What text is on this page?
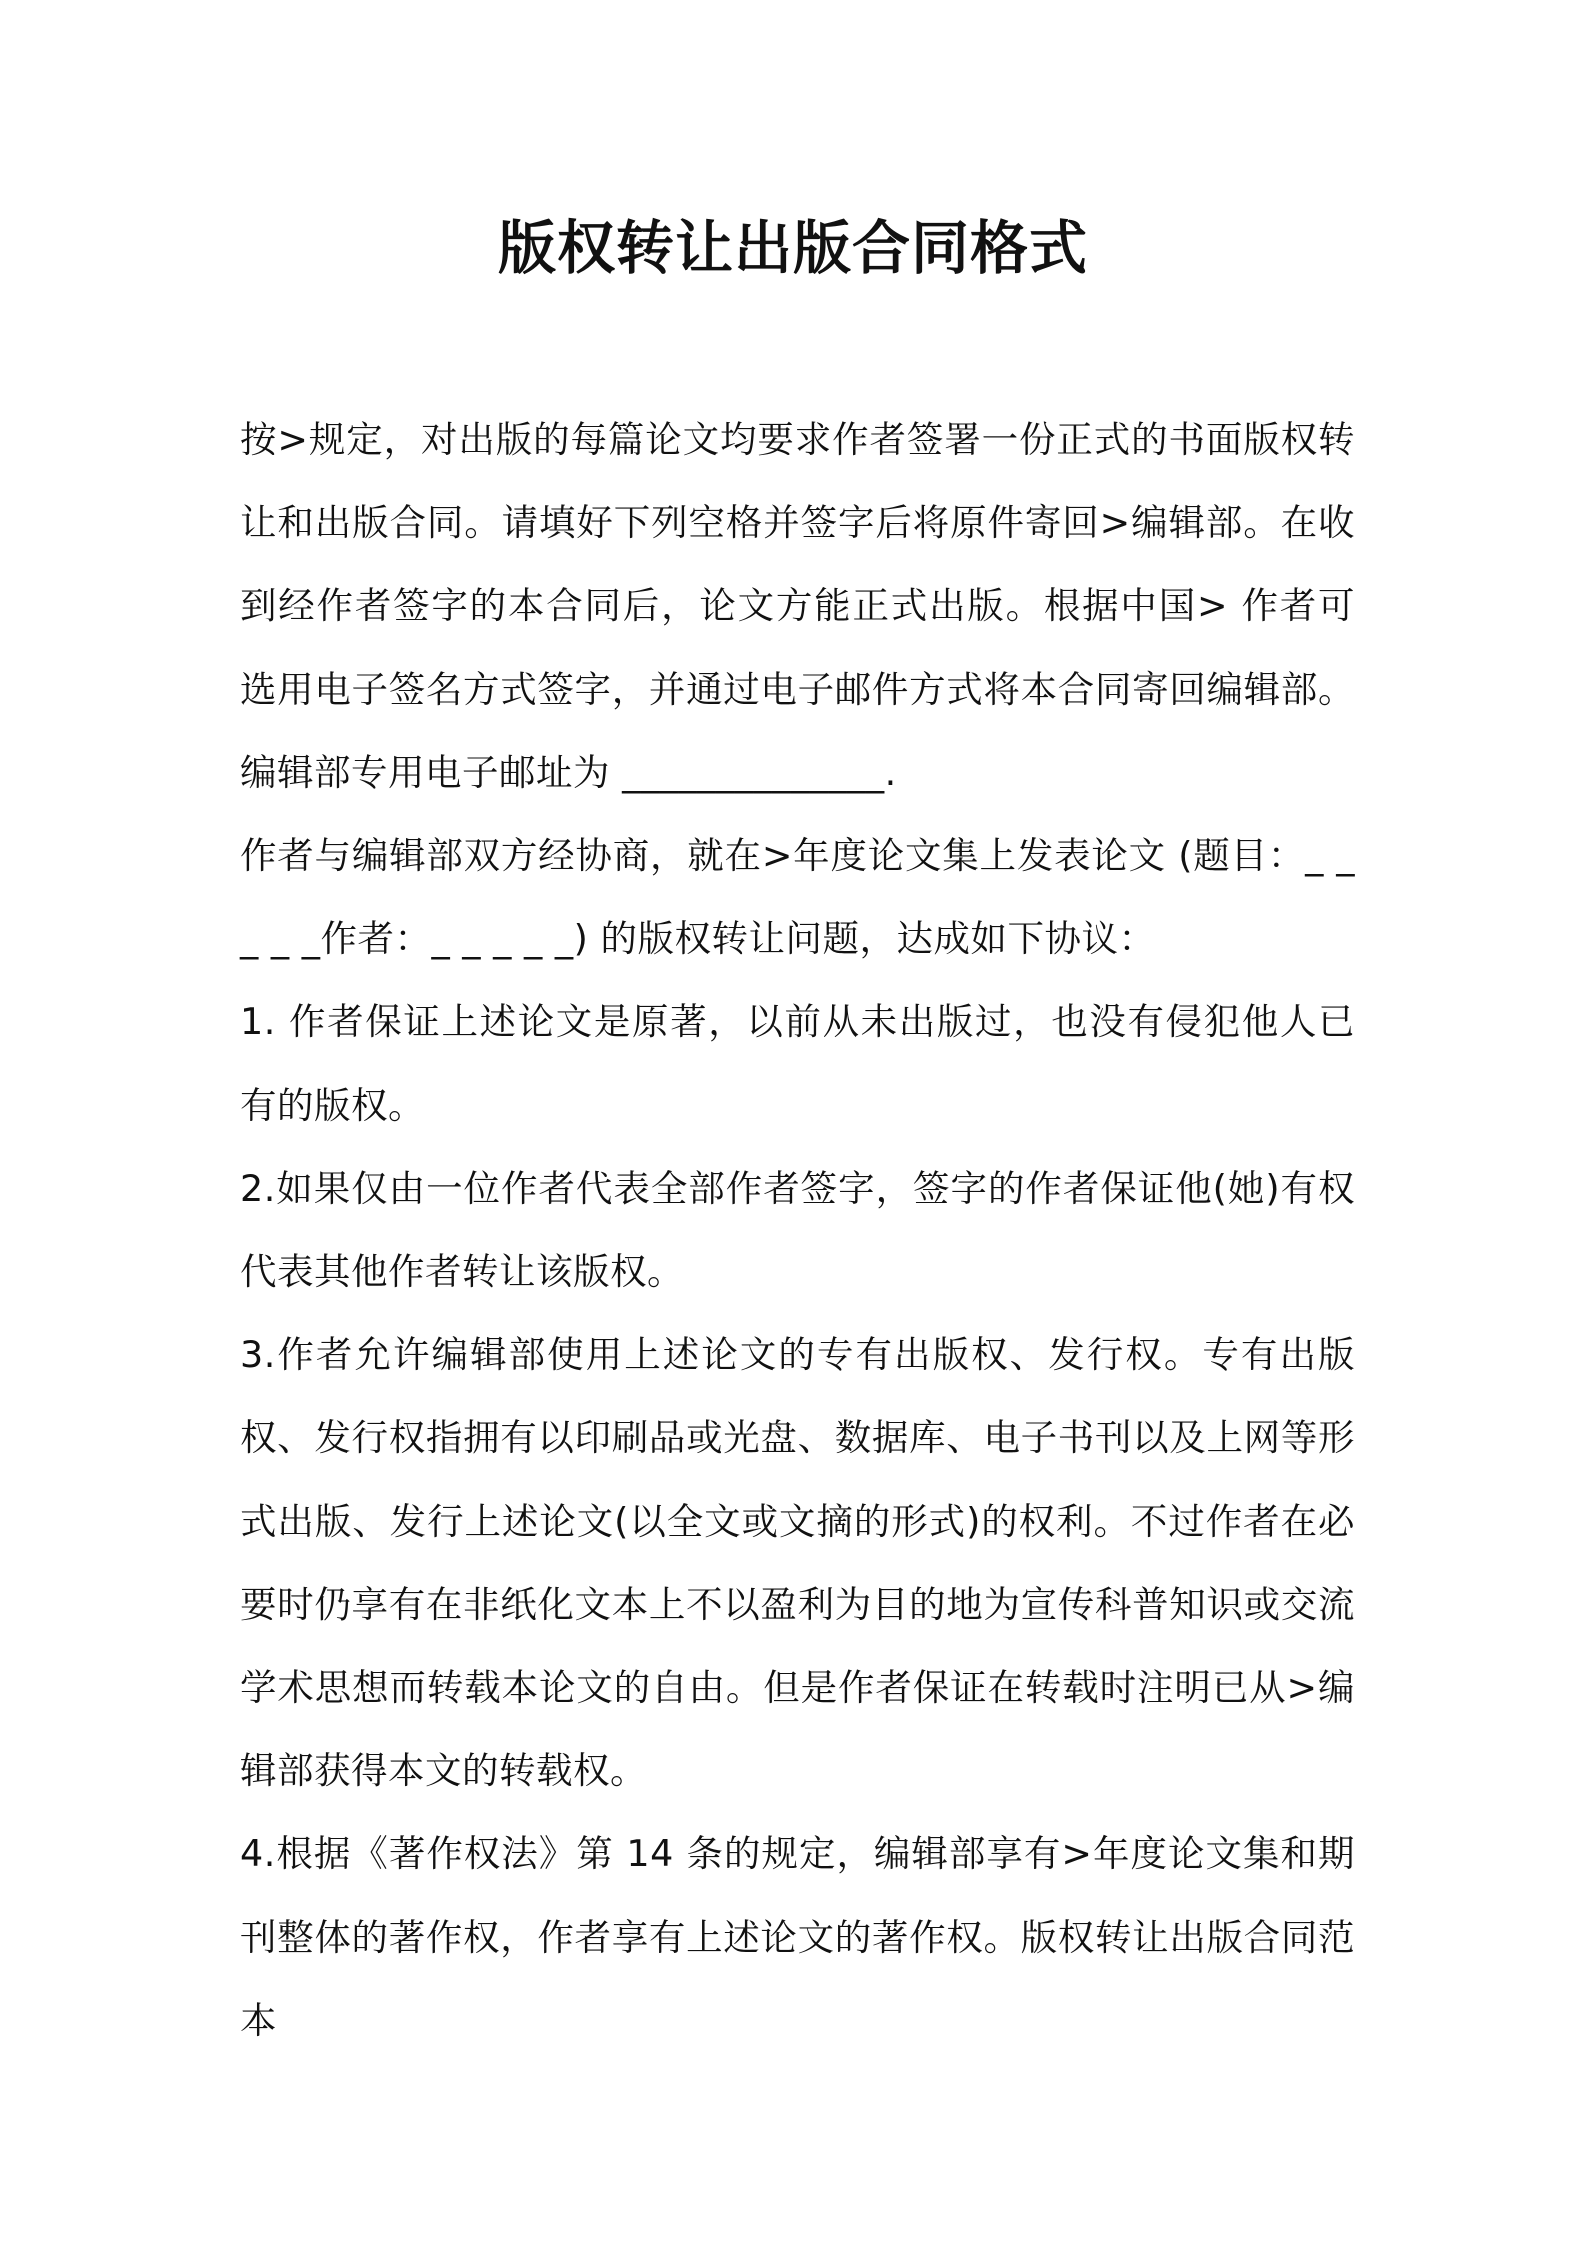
版权转让出版合同格式

按>规定，对出版的每篇论文均要求作者签署一份正式的书面版权转让和出版合同。请填好下列空格并签字后将原件寄回>编辑部。在收到经作者签字的本合同后，论文方能正式出版。根据中国> 作者可选用电子签名方式签字，并通过电子邮件方式将本合同寄回编辑部。编辑部专用电子邮址为 ______________.

作者与编辑部双方经协商，就在>年度论文集上发表论文 (题目：_ _ _ _ _作者：_ _ _ _ _) 的版权转让问题，达成如下协议：

1. 作者保证上述论文是原著，以前从未出版过，也没有侵犯他人已有的版权。

2.如果仅由一位作者代表全部作者签字，签字的作者保证他(她)有权代表其他作者转让该版权。

3.作者允许编辑部使用上述论文的专有出版权、发行权。专有出版权、发行权指拥有以印刷品或光盘、数据库、电子书刊以及上网等形式出版、发行上述论文(以全文或文摘的形式)的权利。不过作者在必要时仍享有在非纸化文本上不以盈利为目的地为宣传科普知识或交流学术思想而转载本论文的自由。但是作者保证在转载时注明已从>编辑部获得本文的转载权。

4.根据《著作权法》第 14 条的规定，编辑部享有>年度论文集和期刊整体的著作权，作者享有上述论文的著作权。版权转让出版合同范本
